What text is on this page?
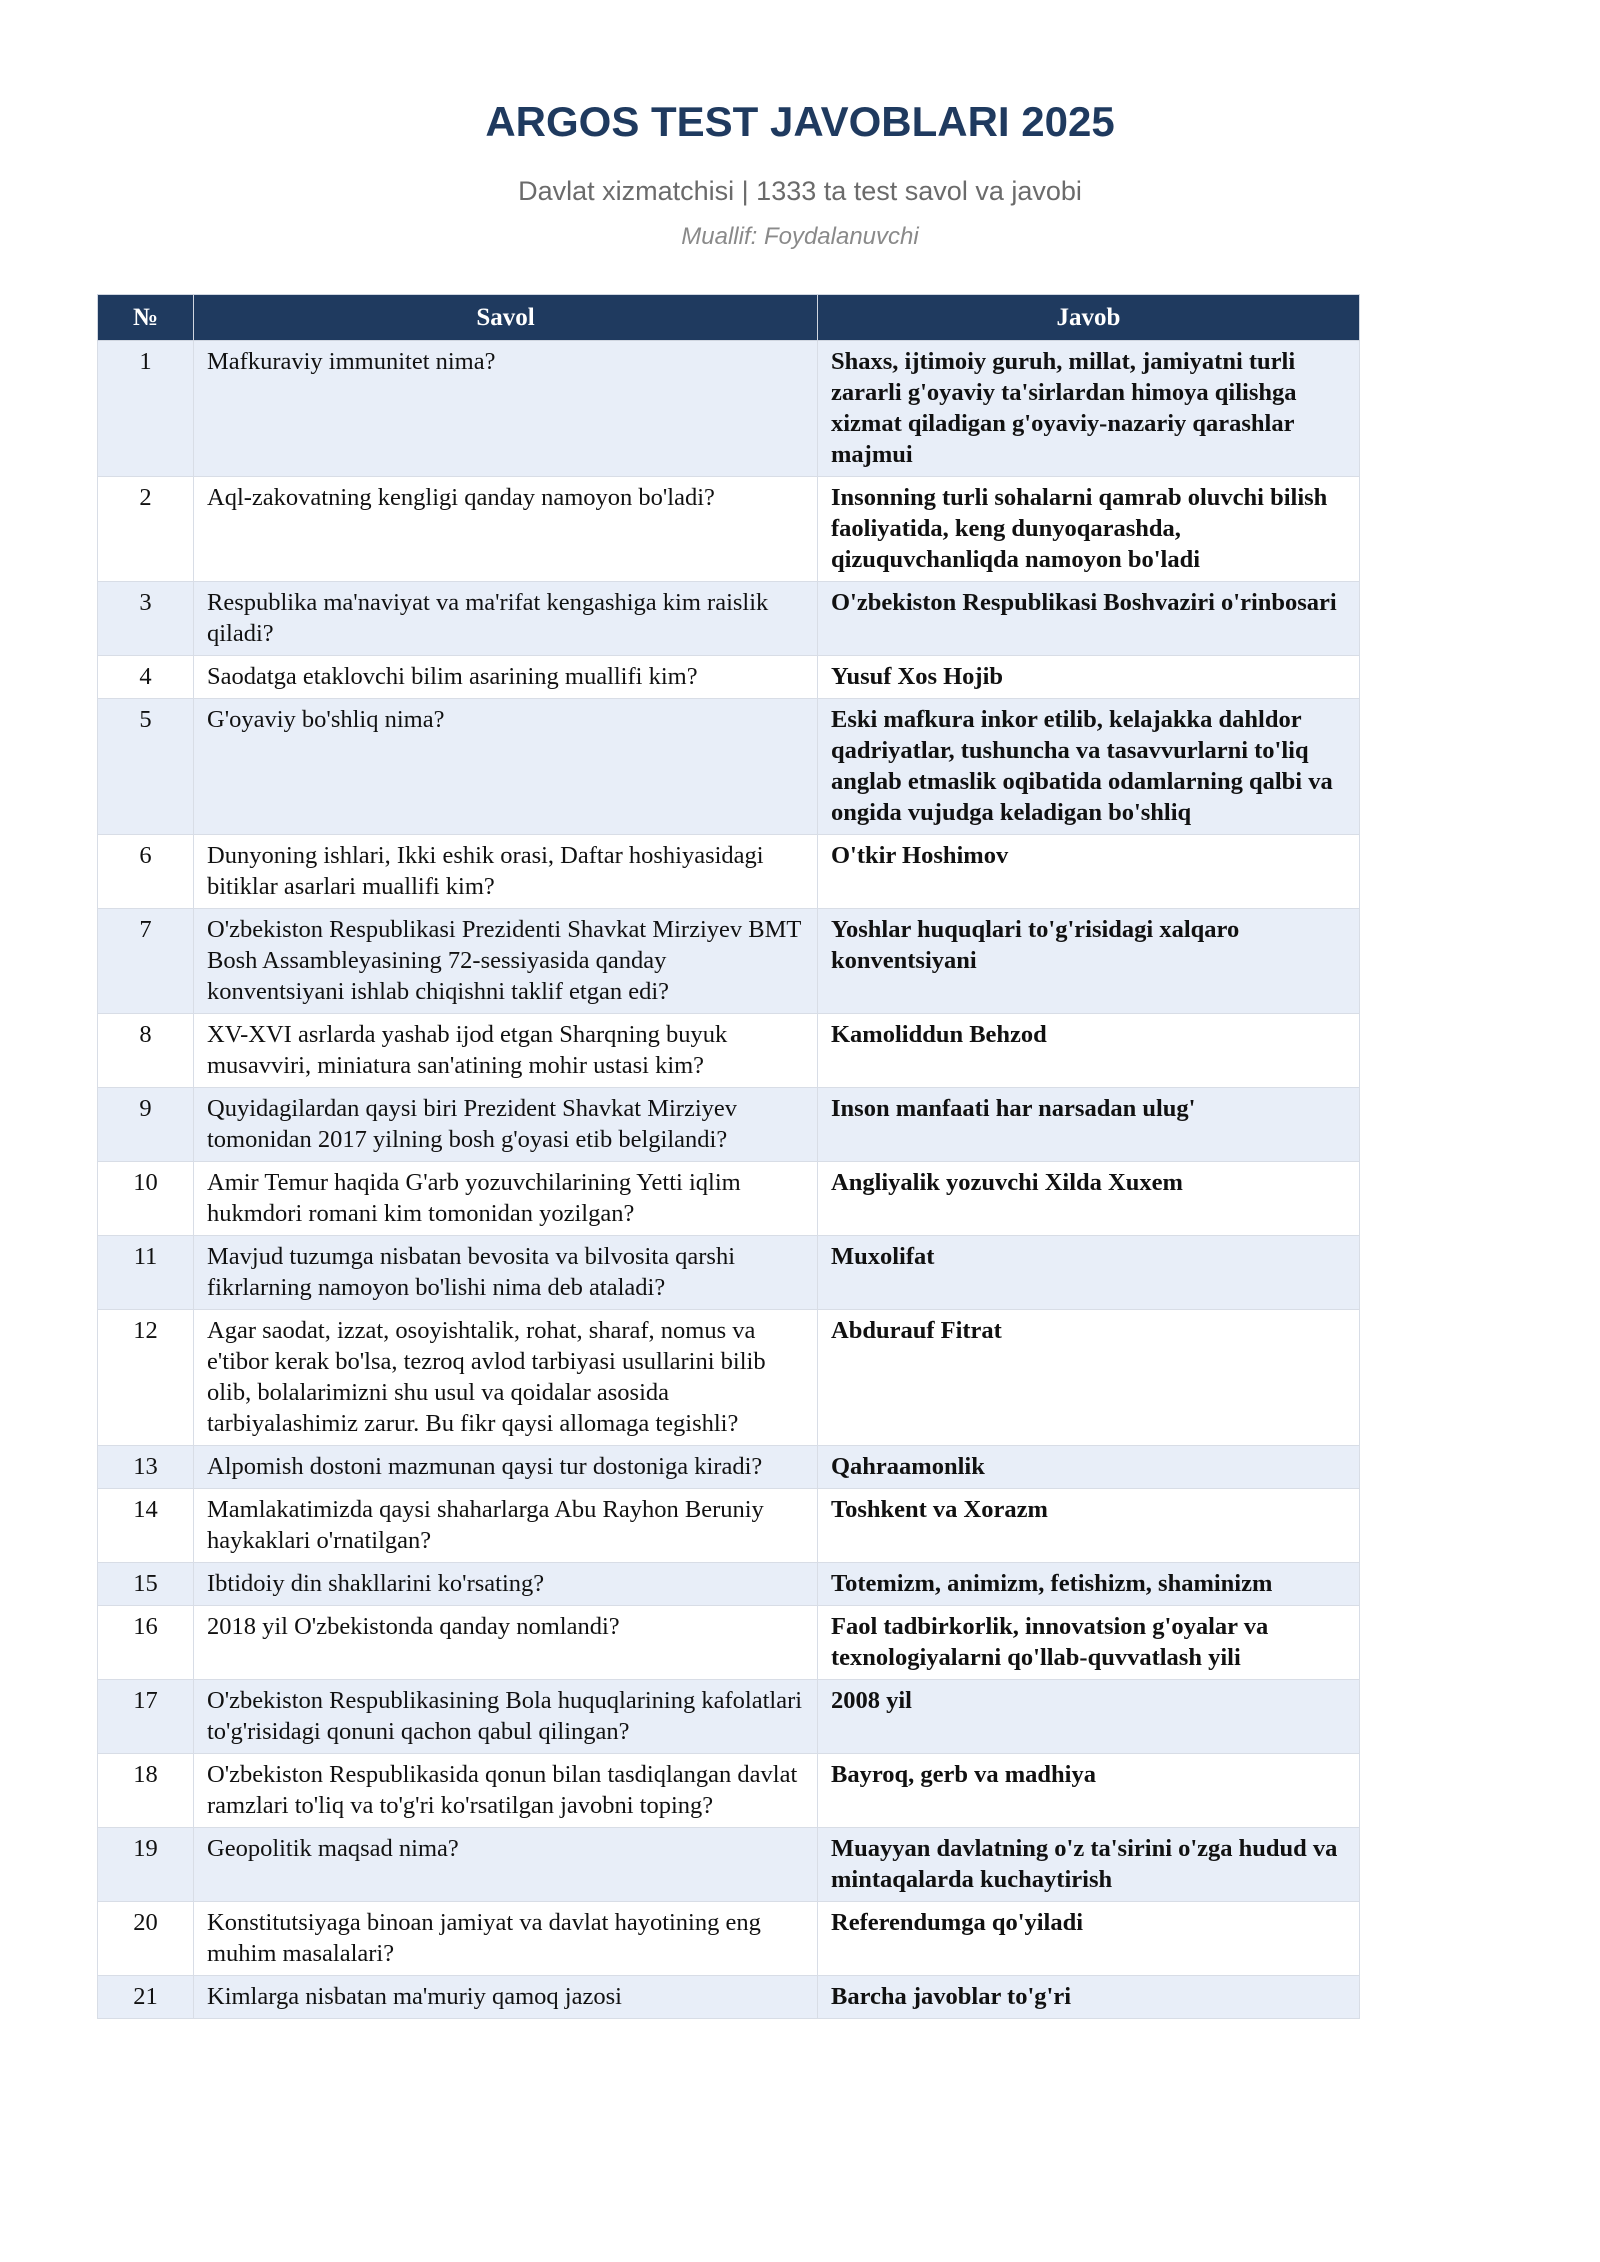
ARGOS TEST JAVOBLARI 2025
Davlat xizmatchisi | 1333 ta test savol va javobi
Muallif: Foydalanuvchi
№	Savol	Javob
1	Mafkuraviy immunitet nima?	Shaxs, ijtimoiy guruh, millat, jamiyatni turli zararli g'oyaviy ta'sirlardan himoya qilishga xizmat qiladigan g'oyaviy-nazariy qarashlar majmui
2	Aql-zakovatning kengligi qanday namoyon bo'ladi?	Insonning turli sohalarni qamrab oluvchi bilish faoliyatida, keng dunyoqarashda, qizuquvchanliqda namoyon bo'ladi
3	Respublika ma'naviyat va ma'rifat kengashiga kim raislik qiladi?	O'zbekiston Respublikasi Boshvaziri o'rinbosari
4	Saodatga etaklovchi bilim asarining muallifi kim?	Yusuf Xos Hojib
5	G'oyaviy bo'shliq nima?	Eski mafkura inkor etilib, kelajakka dahldor qadriyatlar, tushuncha va tasavvurlarni to'liq anglab etmaslik oqibatida odamlarning qalbi va ongida vujudga keladigan bo'shliq
6	Dunyoning ishlari, Ikki eshik orasi, Daftar hoshiyasidagi bitiklar asarlari muallifi kim?	O'tkir Hoshimov
7	O'zbekiston Respublikasi Prezidenti Shavkat Mirziyev BMT Bosh Assambleyasining 72-sessiyasida qanday konventsiyani ishlab chiqishni taklif etgan edi?	Yoshlar huquqlari to'g'risidagi xalqaro konventsiyani
8	XV-XVI asrlarda yashab ijod etgan Sharqning buyuk musavviri, miniatura san'atining mohir ustasi kim?	Kamoliddun Behzod
9	Quyidagilardan qaysi biri Prezident Shavkat Mirziyev tomonidan 2017 yilning bosh g'oyasi etib belgilandi?	Inson manfaati har narsadan ulug'
10	Amir Temur haqida G'arb yozuvchilarining Yetti iqlim hukmdori romani kim tomonidan yozilgan?	Angliyalik yozuvchi Xilda Xuxem
11	Mavjud tuzumga nisbatan bevosita va bilvosita qarshi fikrlarning namoyon bo'lishi nima deb ataladi?	Muxolifat
12	Agar saodat, izzat, osoyishtalik, rohat, sharaf, nomus va e'tibor kerak bo'lsa, tezroq avlod tarbiyasi usullarini bilib olib, bolalarimizni shu usul va qoidalar asosida tarbiyalashimiz zarur. Bu fikr qaysi allomaga tegishli?	Abdurauf Fitrat
13	Alpomish dostoni mazmunan qaysi tur dostoniga kiradi?	Qahraamonlik
14	Mamlakatimizda qaysi shaharlarga Abu Rayhon Beruniy haykaklari o'rnatilgan?	Toshkent va Xorazm
15	Ibtidoiy din shakllarini ko'rsating?	Totemizm, animizm, fetishizm, shaminizm
16	2018 yil O'zbekistonda qanday nomlandi?	Faol tadbirkorlik, innovatsion g'oyalar va texnologiyalarni qo'llab-quvvatlash yili
17	O'zbekiston Respublikasining Bola huquqlarining kafolatlari to'g'risidagi qonuni qachon qabul qilingan?	2008 yil
18	O'zbekiston Respublikasida qonun bilan tasdiqlangan davlat ramzlari to'liq va to'g'ri ko'rsatilgan javobni toping?	Bayroq, gerb va madhiya
19	Geopolitik maqsad nima?	Muayyan davlatning o'z ta'sirini o'zga hudud va mintaqalarda kuchaytirish
20	Konstitutsiyaga binoan jamiyat va davlat hayotining eng muhim masalalari?	Referendumga qo'yiladi
21	Kimlarga nisbatan ma'muriy qamoq jazosi	Barcha javoblar to'g'ri
